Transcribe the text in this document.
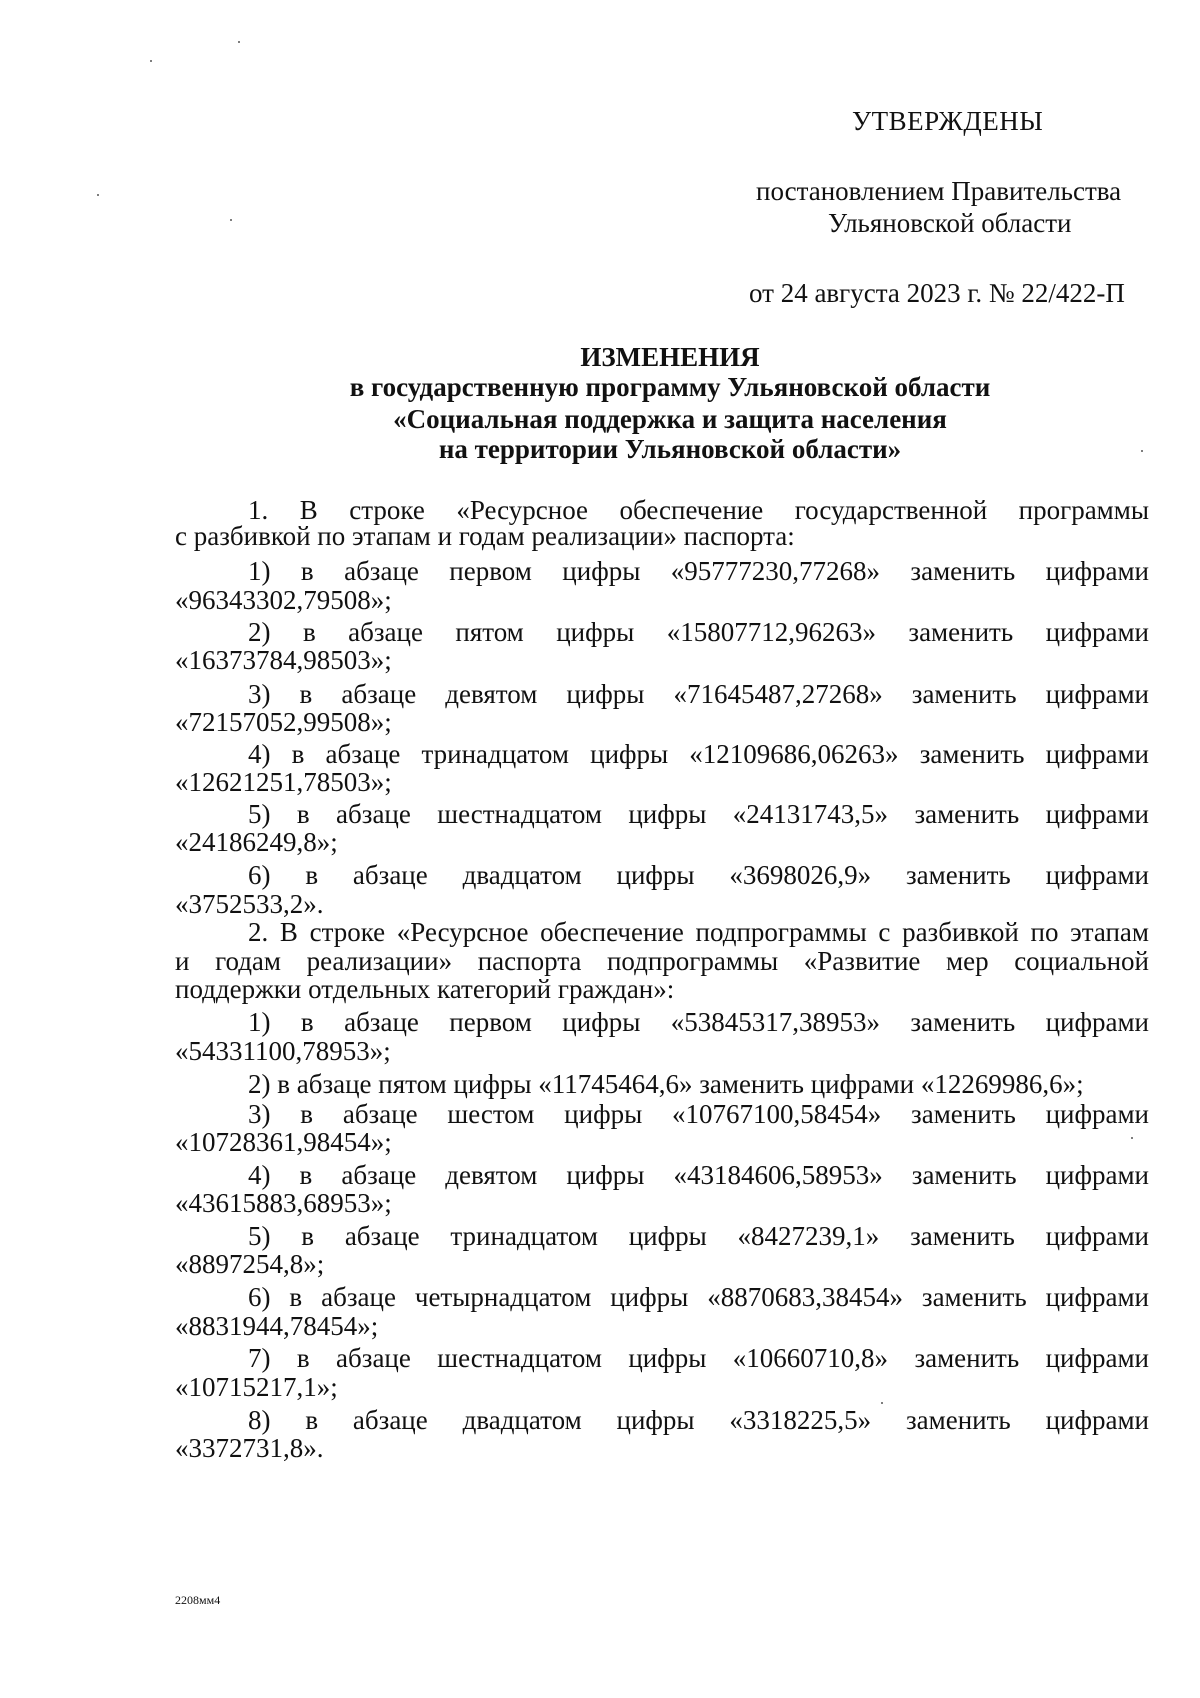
УТВЕРЖДЕНЫ
постановлением Правительства
Ульяновской области
от 24 августа 2023 г. № 22/422-П
ИЗМЕНЕНИЯ
в государственную программу Ульяновской области
«Социальная поддержка и защита населения
на территории Ульяновской области»
1. В строке «Ресурсное обеспечение государственной программы
с разбивкой по этапам и годам реализации» паспорта:
1) в абзаце первом цифры «95777230,77268» заменить цифрами
«96343302,79508»;
2) в абзаце пятом цифры «15807712,96263» заменить цифрами
«16373784,98503»;
3) в абзаце девятом цифры «71645487,27268» заменить цифрами
«72157052,99508»;
4) в абзаце тринадцатом цифры «12109686,06263» заменить цифрами
«12621251,78503»;
5) в абзаце шестнадцатом цифры «24131743,5» заменить цифрами
«24186249,8»;
6) в абзаце двадцатом цифры «3698026,9» заменить цифрами
«3752533,2».
2. В строке «Ресурсное обеспечение подпрограммы с разбивкой по этапам
и годам реализации» паспорта подпрограммы «Развитие мер социальной
поддержки отдельных категорий граждан»:
1) в абзаце первом цифры «53845317,38953» заменить цифрами
«54331100,78953»;
2) в абзаце пятом цифры «11745464,6» заменить цифрами «12269986,6»;
3) в абзаце шестом цифры «10767100,58454» заменить цифрами
«10728361,98454»;
4) в абзаце девятом цифры «43184606,58953» заменить цифрами
«43615883,68953»;
5) в абзаце тринадцатом цифры «8427239,1» заменить цифрами
«8897254,8»;
6) в абзаце четырнадцатом цифры «8870683,38454» заменить цифрами
«8831944,78454»;
7) в абзаце шестнадцатом цифры «10660710,8» заменить цифрами
«10715217,1»;
8) в абзаце двадцатом цифры «3318225,5» заменить цифрами
«3372731,8».
2208мм4
